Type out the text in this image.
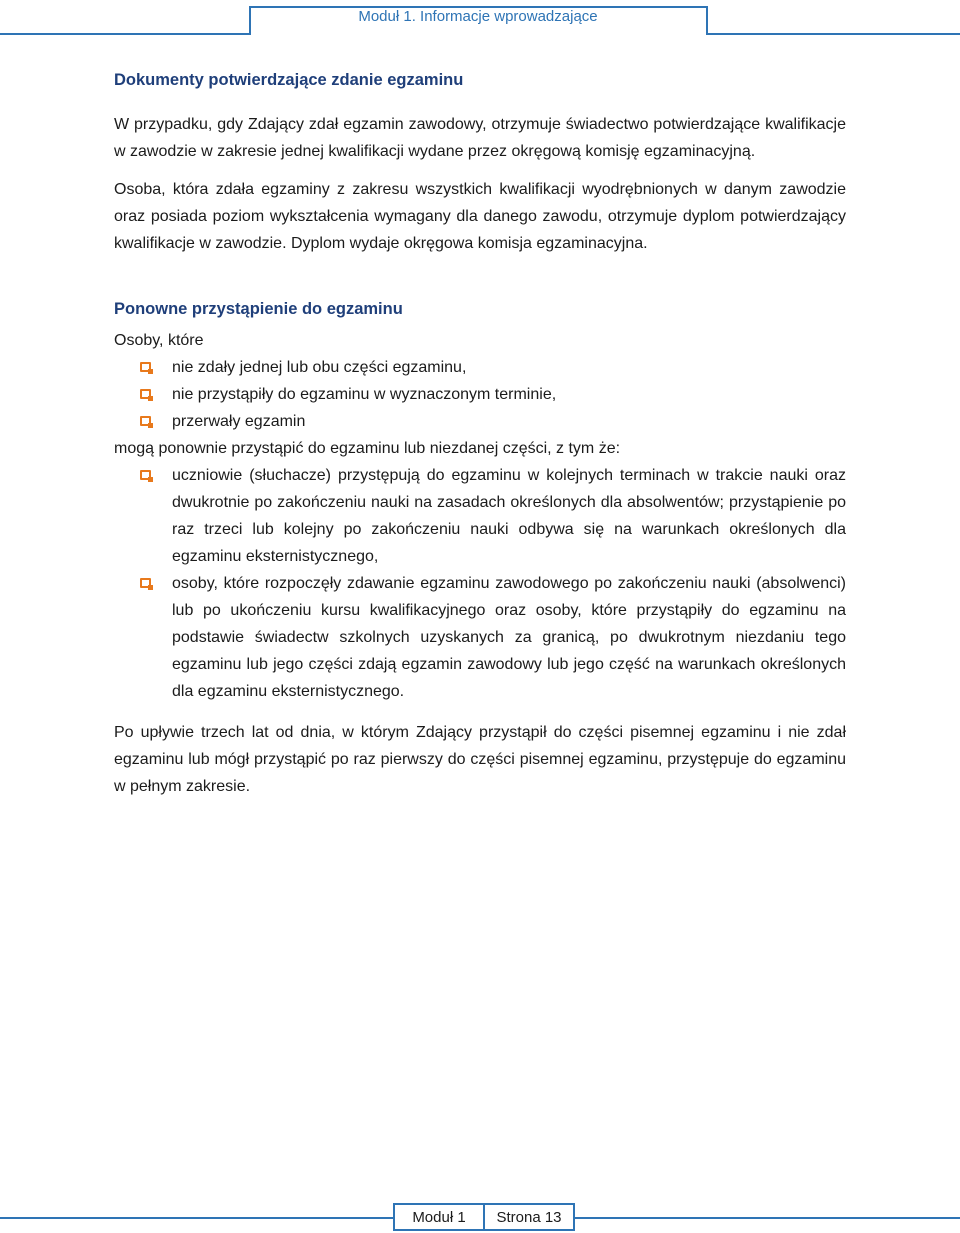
Moduł 1. Informacje wprowadzające
Dokumenty potwierdzające zdanie egzaminu

W przypadku, gdy Zdający zdał egzamin zawodowy, otrzymuje świadectwo potwierdzające kwalifikacje w zawodzie w zakresie jednej kwalifikacji wydane przez okręgową komisję egzaminacyjną.

Osoba, która zdała egzaminy z zakresu wszystkich kwalifikacji wyodrębnionych w danym zawodzie oraz posiada poziom wykształcenia wymagany dla danego zawodu, otrzymuje dyplom potwierdzający kwalifikacje w zawodzie. Dyplom wydaje okręgowa komisja egzaminacyjna.

Ponowne przystąpienie do egzaminu

Osoby, które

nie zdały jednej lub obu części egzaminu,
nie przystąpiły do egzaminu w wyznaczonym terminie,
przerwały egzamin

mogą ponownie przystąpić do egzaminu lub niezdanej części, z tym że:

uczniowie (słuchacze) przystępują do egzaminu w kolejnych terminach w trakcie nauki oraz dwukrotnie po zakończeniu nauki na zasadach określonych dla absolwentów; przystąpienie po raz trzeci lub kolejny po zakończeniu nauki odbywa się na warunkach określonych dla egzaminu eksternistycznego,
osoby, które rozpoczęły zdawanie egzaminu zawodowego po zakończeniu nauki (absolwenci) lub po ukończeniu kursu kwalifikacyjnego oraz osoby, które przystąpiły do egzaminu na podstawie świadectw szkolnych uzyskanych za granicą, po dwukrotnym niezdaniu tego egzaminu lub jego części zdają egzamin zawodowy lub jego część na warunkach określonych dla egzaminu eksternistycznego.

Po upływie trzech lat od dnia, w którym Zdający przystąpił do części pisemnej egzaminu i nie zdał egzaminu lub mógł przystąpić po raz pierwszy do części pisemnej egzaminu, przystępuje do egzaminu w pełnym zakresie.

Moduł 1	Strona 13
